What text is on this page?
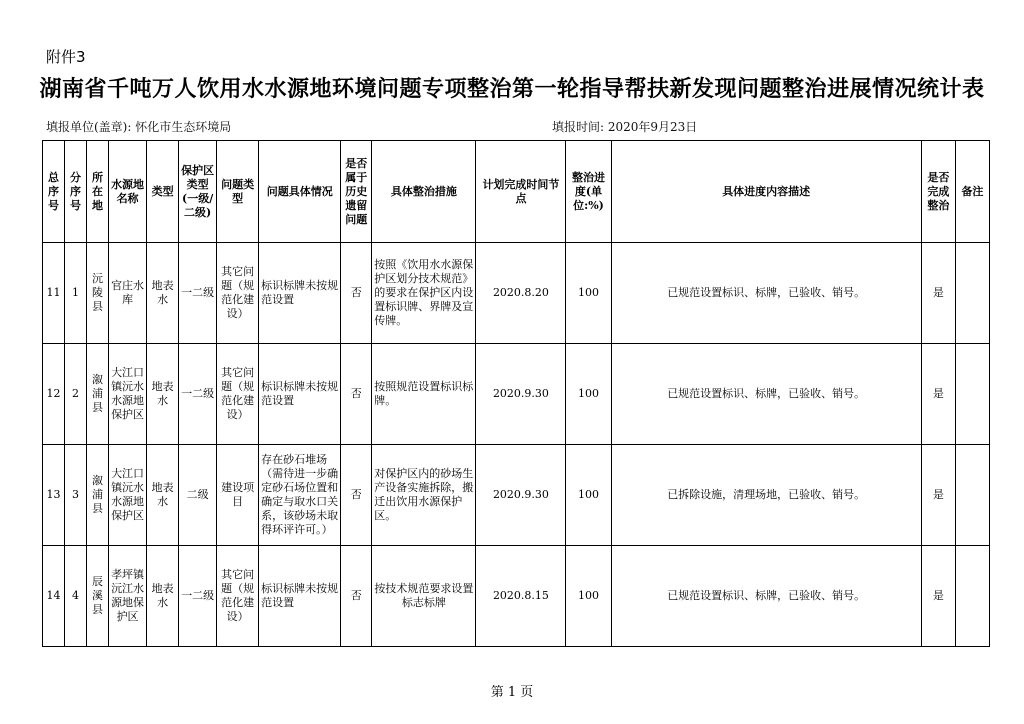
附件3
湖南省千吨万人饮用水水源地环境问题专项整治第一轮指导帮扶新发现问题整治进展情况统计表
填报单位(盖章): 怀化市生态环境局	填报时间: 2020年9月23日
总序号	分序号	所在地	水源地名称	类型	保护区类型(一级/二级)	问题类型	问题具体情况	是否属于历史遗留问题	具体整治措施	计划完成时间节点	整治进度(单位:%)	具体进度内容描述	是否完成整治	备注
11	1	沅陵县	官庄水库	地表水	一二级	其它问题（规范化建设）	标识标牌未按规范设置	否	按照《饮用水水源保护区划分技术规范》的要求在保护区内设置标识牌、界牌及宣传牌。	2020.8.20	100	已规范设置标识、标牌，已验收、销号。	是	
12	2	溆浦县	大江口镇沅水水源地保护区	地表水	一二级	其它问题（规范化建设）	标识标牌未按规范设置	否	按照规范设置标识标牌。	2020.9.30	100	已规范设置标识、标牌，已验收、销号。	是	
13	3	溆浦县	大江口镇沅水水源地保护区	地表水	二级	建设项目	存在砂石堆场（需待进一步确定砂石场位置和确定与取水口关系，该砂场未取得环评许可。）	否	对保护区内的砂场生产设备实施拆除，搬迁出饮用水源保护区。	2020.9.30	100	已拆除设施，清理场地，已验收、销号。	是	
14	4	辰溪县	孝坪镇沅江水源地保护区	地表水	一二级	其它问题（规范化建设）	标识标牌未按规范设置	否	按技术规范要求设置标志标牌	2020.8.15	100	已规范设置标识、标牌，已验收、销号。	是	
第 1 页
